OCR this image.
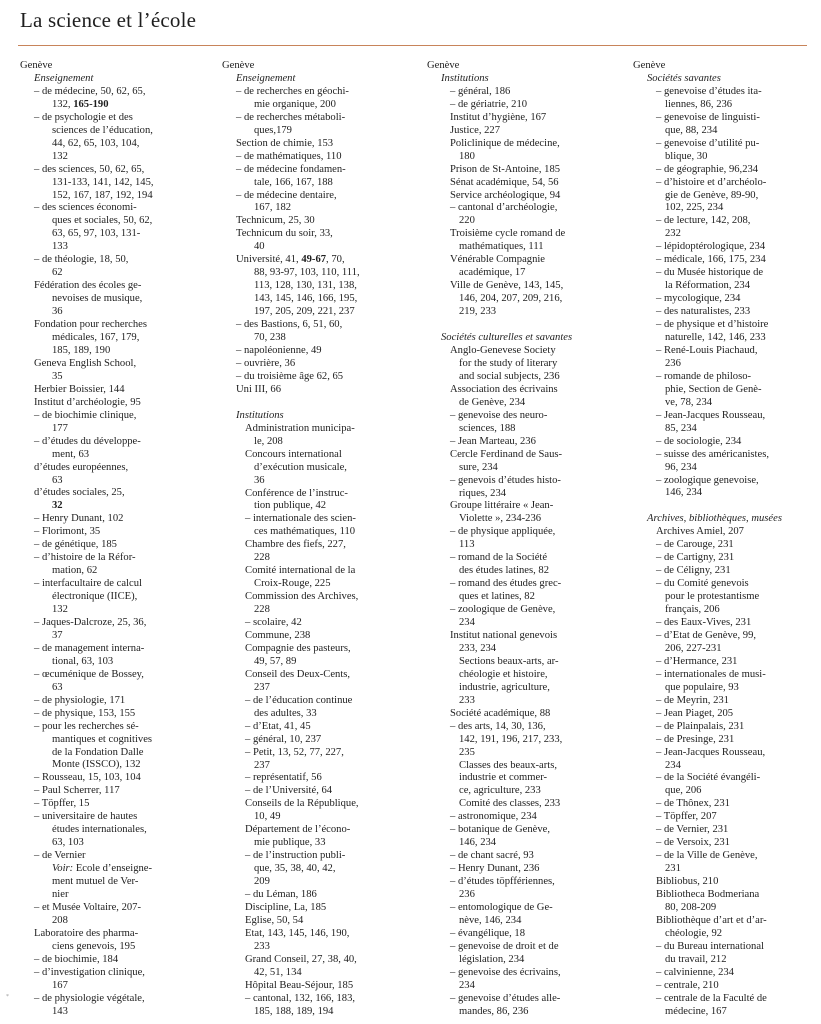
La science et l’école
Genève
Enseignement
– de médecine, 50, 62, 65,
132, 165-190
– de psychologie et des
sciences de l’éducation,
44, 62, 65, 103, 104,
132
– des sciences, 50, 62, 65,
131-133, 141, 142, 145,
152, 167, 187, 192, 194
– des sciences économi-
ques et sociales, 50, 62,
63, 65, 97, 103, 131-
133
– de théologie, 18, 50,
62
Fédération des écoles ge-
nevoises de musique,
36
Fondation pour recherches
médicales, 167, 179,
185, 189, 190
Geneva English School,
35
Herbier Boissier, 144
Institut d’archéologie, 95
– de biochimie clinique,
177
– d’études du développe-
ment, 63
d’études européennes,
63
d’études sociales, 25,
32
– Henry Dunant, 102
– Florimont, 35
– de génétique, 185
– d’histoire de la Réfor-
mation, 62
– interfacultaire de calcul
électronique (IICE),
132
– Jaques-Dalcroze, 25, 36,
37
– de management interna-
tional, 63, 103
– œcuménique de Bossey,
63
– de physiologie, 171
– de physique, 153, 155
– pour les recherches sé-
mantiques et cognitives
de la Fondation Dalle
Monte (ISSCO), 132
– Rousseau, 15, 103, 104
– Paul Scherrer, 117
– Töpffer, 15
– universitaire de hautes
études internationales,
63, 103
– de Vernier
Voir: Ecole d’enseigne-
ment mutuel de Ver-
nier
– et Musée Voltaire, 207-
208
Laboratoire des pharma-
ciens genevois, 195
– de biochimie, 184
– d’investigation clinique,
167
– de physiologie végétale,
143
Genève
Enseignement
– de recherches en géochi-
mie organique, 200
– de recherches métaboli-
ques,179
Section de chimie, 153
– de mathématiques, 110
– de médecine fondamen-
tale, 166, 167, 188
– de médecine dentaire,
167, 182
Technicum, 25, 30
Technicum du soir, 33,
40
Université, 41, 49-67, 70,
88, 93-97, 103, 110, 111,
113, 128, 130, 131, 138,
143, 145, 146, 166, 195,
197, 205, 209, 221, 237
– des Bastions, 6, 51, 60,
70, 238
– napoléonienne, 49
– ouvrière, 36
– du troisième âge 62, 65
Uni III, 66
Institutions
Administration municipa-
le, 208
Concours international
d’exécution musicale,
36
Conférence de l’instruc-
tion publique, 42
– internationale des scien-
ces mathématiques, 110
Chambre des fiefs, 227,
228
Comité international de la
Croix-Rouge, 225
Commission des Archives,
228
– scolaire, 42
Commune, 238
Compagnie des pasteurs,
49, 57, 89
Conseil des Deux-Cents,
237
– de l’éducation continue
des adultes, 33
– d’Etat, 41, 45
– général, 10, 237
– Petit, 13, 52, 77, 227,
237
– représentatif, 56
– de l’Université, 64
Conseils de la République,
10, 49
Département de l’écono-
mie publique, 33
– de l’instruction publi-
que, 35, 38, 40, 42,
209
– du Léman, 186
Discipline, La, 185
Eglise, 50, 54
Etat, 143, 145, 146, 190,
233
Grand Conseil, 27, 38, 40,
42, 51, 134
Hôpital Beau-Séjour, 185
– cantonal, 132, 166, 183,
185, 188, 189, 194
Genève
Institutions
– général, 186
– de gériatrie, 210
Institut d’hygiène, 167
Justice, 227
Policlinique de médecine,
180
Prison de St-Antoine, 185
Sénat académique, 54, 56
Service archéologique, 94
– cantonal d’archéologie,
220
Troisième cycle romand de
mathématiques, 111
Vénérable Compagnie
académique, 17
Ville de Genève, 143, 145,
146, 204, 207, 209, 216,
219, 233
Sociétés culturelles et savantes
Anglo-Genevese Society
for the study of literary
and social subjects, 236
Association des écrivains
de Genève, 234
– genevoise des neuro-
sciences, 188
– Jean Marteau, 236
Cercle Ferdinand de Saus-
sure, 234
– genevois d’études histo-
riques, 234
Groupe littéraire « Jean-
Violette », 234-236
– de physique appliquée,
113
– romand de la Société
des études latines, 82
– romand des études grec-
ques et latines, 82
– zoologique de Genève,
234
Institut national genevois
233, 234
Sections beaux-arts, ar-
chéologie et histoire,
industrie, agriculture,
233
Société académique, 88
– des arts, 14, 30, 136,
142, 191, 196, 217, 233,
235
Classes des beaux-arts,
industrie et commer-
ce, agriculture, 233
Comité des classes, 233
– astronomique, 234
– botanique de Genève,
146, 234
– de chant sacré, 93
– Henry Dunant, 236
– d’études töpffériennes,
236
– entomologique de Ge-
nève, 146, 234
– évangélique, 18
– genevoise de droit et de
législation, 234
– genevoise des écrivains,
234
– genevoise d’études alle-
mandes, 86, 236
Genève
Sociétés savantes
– genevoise d’études ita-
liennes, 86, 236
– genevoise de linguisti-
que, 88, 234
– genevoise d’utilité pu-
blique, 30
– de géographie, 96,234
– d’histoire et d’archéolo-
gie de Genève, 89-90,
102, 225, 234
– de lecture, 142, 208,
232
– lépidoptérologique, 234
– médicale, 166, 175, 234
– du Musée historique de
la Réformation, 234
– mycologique, 234
– des naturalistes, 233
– de physique et d’histoire
naturelle, 142, 146, 233
– René-Louis Piachaud,
236
– romande de philoso-
phie, Section de Genè-
ve, 78, 234
– Jean-Jacques Rousseau,
85, 234
– de sociologie, 234
– suisse des américanistes,
96, 234
– zoologique genevoise,
146, 234
Archives, bibliothèques, musées
Archives Amiel, 207
– de Carouge, 231
– de Cartigny, 231
– de Céligny, 231
– du Comité genevois
pour le protestantisme
français, 206
– des Eaux-Vives, 231
– d’Etat de Genève, 99,
206, 227-231
– d’Hermance, 231
– internationales de musi-
que populaire, 93
– de Meyrin, 231
– Jean Piaget, 205
– de Plainpalais, 231
– de Presinge, 231
– Jean-Jacques Rousseau,
234
– de la Société évangéli-
que, 206
– de Thônex, 231
– Töpffer, 207
– de Vernier, 231
– de Versoix, 231
– de la Ville de Genève,
231
Bibliobus, 210
Bibliotheca Bodmeriana
80, 208-209
Bibliothèque d’art et d’ar-
chéologie, 92
– du Bureau international
du travail, 212
– calvinienne, 234
– centrale, 210
– centrale de la Faculté de
médecine, 167
*
